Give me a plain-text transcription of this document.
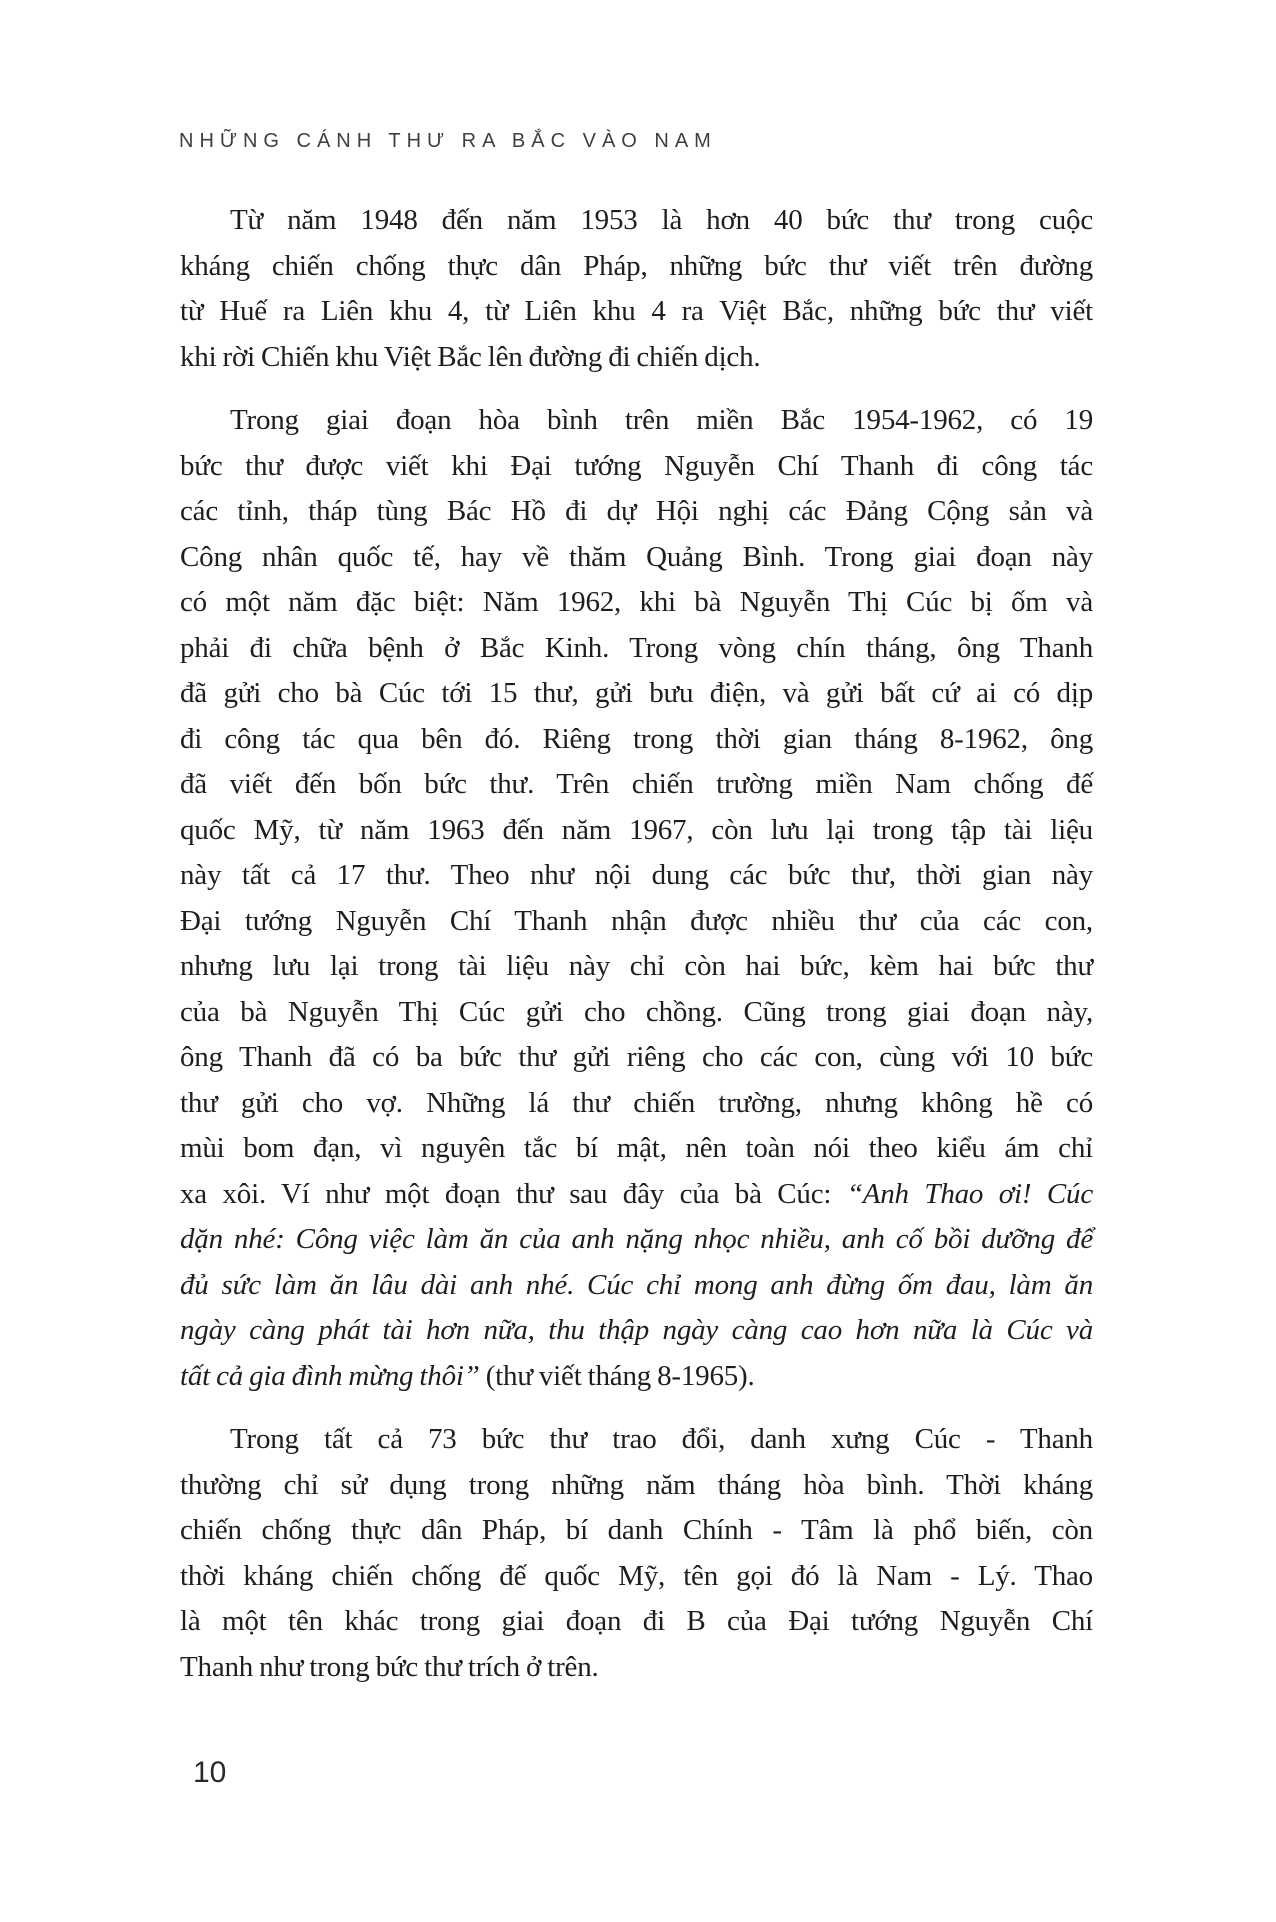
NHỮNG CÁNH THƯ RA BẮC VÀO NAM
Từ năm 1948 đến năm 1953 là hơn 40 bức thư trong cuộc
kháng chiến chống thực dân Pháp, những bức thư viết trên đường
từ Huế ra Liên khu 4, từ Liên khu 4 ra Việt Bắc, những bức thư viết
khi rời Chiến khu Việt Bắc lên đường đi chiến dịch.
Trong giai đoạn hòa bình trên miền Bắc 1954-1962, có 19
bức thư được viết khi Đại tướng Nguyễn Chí Thanh đi công tác
các tỉnh, tháp tùng Bác Hồ đi dự Hội nghị các Đảng Cộng sản và
Công nhân quốc tế, hay về thăm Quảng Bình. Trong giai đoạn này
có một năm đặc biệt: Năm 1962, khi bà Nguyễn Thị Cúc bị ốm và
phải đi chữa bệnh ở Bắc Kinh. Trong vòng chín tháng, ông Thanh
đã gửi cho bà Cúc tới 15 thư, gửi bưu điện, và gửi bất cứ ai có dịp
đi công tác qua bên đó. Riêng trong thời gian tháng 8-1962, ông
đã viết đến bốn bức thư. Trên chiến trường miền Nam chống đế
quốc Mỹ, từ năm 1963 đến năm 1967, còn lưu lại trong tập tài liệu
này tất cả 17 thư. Theo như nội dung các bức thư, thời gian này
Đại tướng Nguyễn Chí Thanh nhận được nhiều thư của các con,
nhưng lưu lại trong tài liệu này chỉ còn hai bức, kèm hai bức thư
của bà Nguyễn Thị Cúc gửi cho chồng. Cũng trong giai đoạn này,
ông Thanh đã có ba bức thư gửi riêng cho các con, cùng với 10 bức
thư gửi cho vợ. Những lá thư chiến trường, nhưng không hề có
mùi bom đạn, vì nguyên tắc bí mật, nên toàn nói theo kiểu ám chỉ
xa xôi. Ví như một đoạn thư sau đây của bà Cúc: “Anh Thao ơi! Cúc
dặn nhé: Công việc làm ăn của anh nặng nhọc nhiều, anh cố bồi dưỡng để
đủ sức làm ăn lâu dài anh nhé. Cúc chỉ mong anh đừng ốm đau, làm ăn
ngày càng phát tài hơn nữa, thu thập ngày càng cao hơn nữa là Cúc và
tất cả gia đình mừng thôi” (thư viết tháng 8-1965).
Trong tất cả 73 bức thư trao đổi, danh xưng Cúc - Thanh
thường chỉ sử dụng trong những năm tháng hòa bình. Thời kháng
chiến chống thực dân Pháp, bí danh Chính - Tâm là phổ biến, còn
thời kháng chiến chống đế quốc Mỹ, tên gọi đó là Nam - Lý. Thao
là một tên khác trong giai đoạn đi B của Đại tướng Nguyễn Chí
Thanh như trong bức thư trích ở trên.
10
